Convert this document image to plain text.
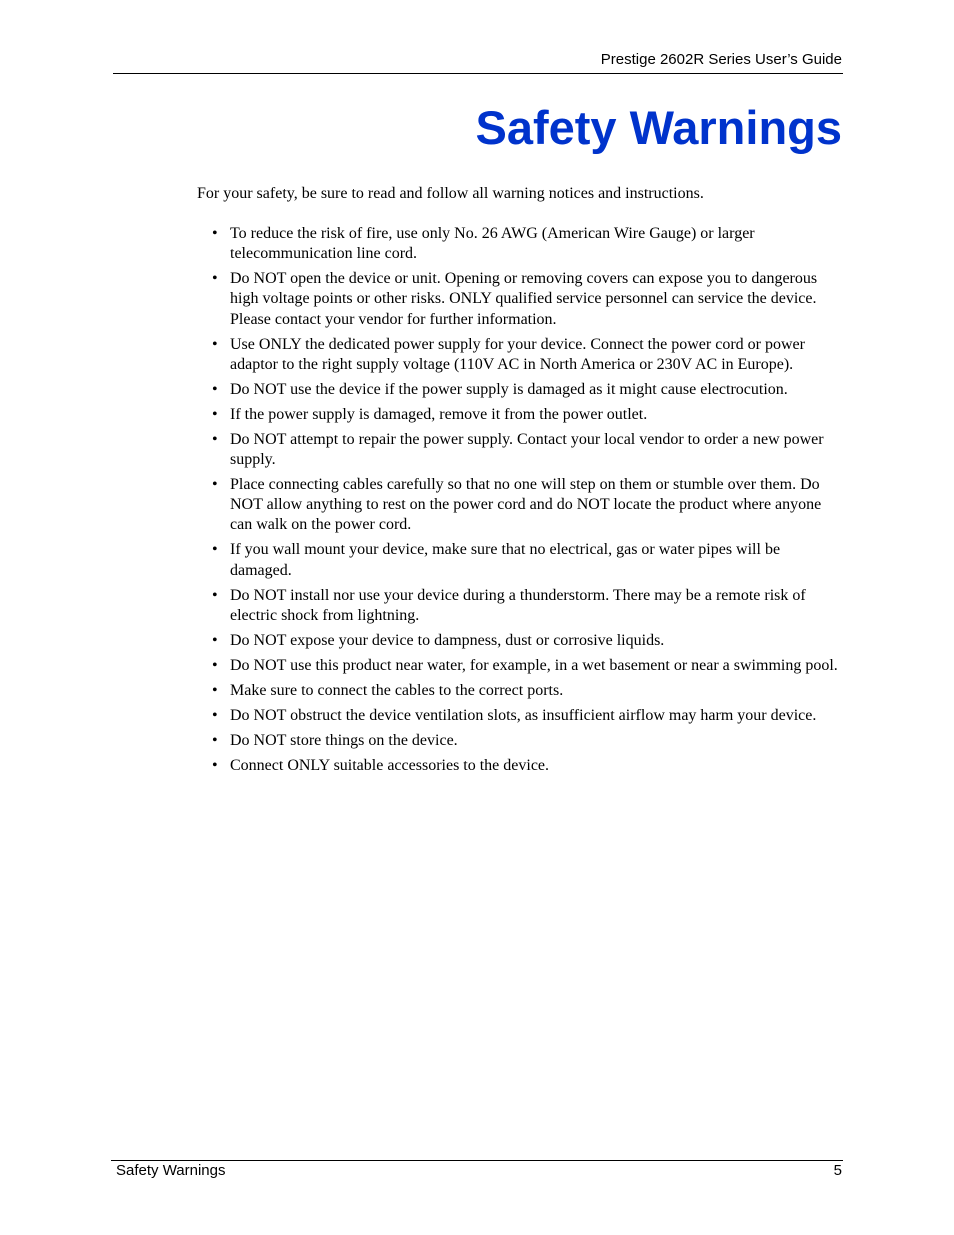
Prestige 2602R Series User’s Guide
Safety Warnings

For your safety, be sure to read and follow all warning notices and instructions.

• To reduce the risk of fire, use only No. 26 AWG (American Wire Gauge) or larger telecommunication line cord.
• Do NOT open the device or unit. Opening or removing covers can expose you to dangerous high voltage points or other risks. ONLY qualified service personnel can service the device. Please contact your vendor for further information.
• Use ONLY the dedicated power supply for your device. Connect the power cord or power adaptor to the right supply voltage (110V AC in North America or 230V AC in Europe).
• Do NOT use the device if the power supply is damaged as it might cause electrocution.
• If the power supply is damaged, remove it from the power outlet.
• Do NOT attempt to repair the power supply. Contact your local vendor to order a new power supply.
• Place connecting cables carefully so that no one will step on them or stumble over them. Do NOT allow anything to rest on the power cord and do NOT locate the product where anyone can walk on the power cord.
• If you wall mount your device, make sure that no electrical, gas or water pipes will be damaged.
• Do NOT install nor use your device during a thunderstorm. There may be a remote risk of electric shock from lightning.
• Do NOT expose your device to dampness, dust or corrosive liquids.
• Do NOT use this product near water, for example, in a wet basement or near a swimming pool.
• Make sure to connect the cables to the correct ports.
• Do NOT obstruct the device ventilation slots, as insufficient airflow may harm your device.
• Do NOT store things on the device.
• Connect ONLY suitable accessories to the device.
Safety Warnings	5
